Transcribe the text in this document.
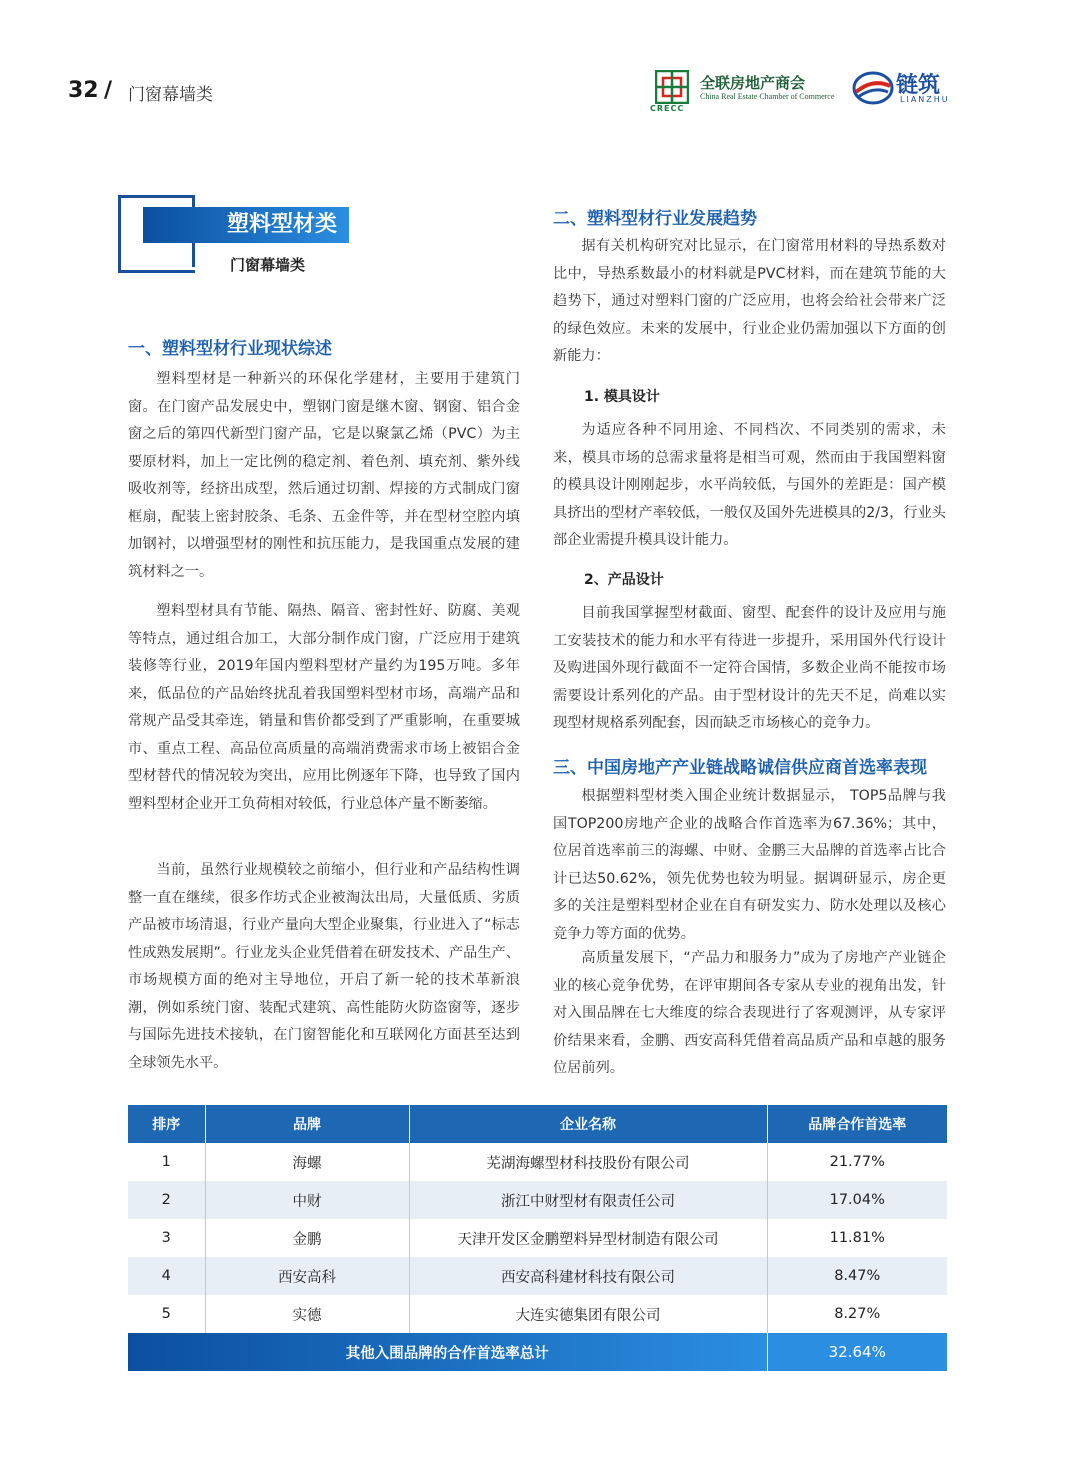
32 / 门窗幕墙类
CRECC
全联房地产商会
China Real Estate Chamber of Commerce	链筑
LIANZHU
塑料型材类
门窗幕墙类
一、塑料型材行业现状综述

塑料型材是一种新兴的环保化学建材，主要用于建筑门窗。在门窗产品发展史中，塑钢门窗是继木窗、钢窗、铝合金窗之后的第四代新型门窗产品，它是以聚氯乙烯（PVC）为主要原材料，加上一定比例的稳定剂、着色剂、填充剂、紫外线吸收剂等，经挤出成型，然后通过切割、焊接的方式制成门窗框扇，配装上密封胶条、毛条、五金件等，并在型材空腔内填加钢衬，以增强型材的刚性和抗压能力，是我国重点发展的建筑材料之一。

塑料型材具有节能、隔热、隔音、密封性好、防腐、美观等特点，通过组合加工，大部分制作成门窗，广泛应用于建筑装修等行业，2019年国内塑料型材产量约为195万吨。多年来，低品位的产品始终扰乱着我国塑料型材市场，高端产品和常规产品受其牵连，销量和售价都受到了严重影响，在重要城市、重点工程、高品位高质量的高端消费需求市场上被铝合金型材替代的情况较为突出，应用比例逐年下降，也导致了国内塑料型材企业开工负荷相对较低，行业总体产量不断萎缩。

当前，虽然行业规模较之前缩小，但行业和产品结构性调整一直在继续，很多作坊式企业被淘汰出局，大量低质、劣质产品被市场清退，行业产量向大型企业聚集，行业进入了“标志性成熟发展期”。行业龙头企业凭借着在研发技术、产品生产、市场规模方面的绝对主导地位，开启了新一轮的技术革新浪潮，例如系统门窗、装配式建筑、高性能防火防盗窗等，逐步与国际先进技术接轨，在门窗智能化和互联网化方面甚至达到全球领先水平。

二、塑料型材行业发展趋势

据有关机构研究对比显示，在门窗常用材料的导热系数对比中，导热系数最小的材料就是PVC材料，而在建筑节能的大趋势下，通过对塑料门窗的广泛应用，也将会给社会带来广泛的绿色效应。未来的发展中，行业企业仍需加强以下方面的创新能力：

1. 模具设计

为适应各种不同用途、不同档次、不同类别的需求，未来，模具市场的总需求量将是相当可观，然而由于我国塑料窗的模具设计刚刚起步，水平尚较低，与国外的差距是：国产模具挤出的型材产率较低，一般仅及国外先进模具的2/3，行业头部企业需提升模具设计能力。

2、产品设计

目前我国掌握型材截面、窗型、配套件的设计及应用与施工安装技术的能力和水平有待进一步提升，采用国外代行设计及购进国外现行截面不一定符合国情，多数企业尚不能按市场需要设计系列化的产品。由于型材设计的先天不足，尚难以实现型材规格系列配套，因而缺乏市场核心的竞争力。

三、中国房地产产业链战略诚信供应商首选率表现

根据塑料型材类入围企业统计数据显示， TOP5品牌与我国TOP200房地产企业的战略合作首选率为67.36%；其中，位居首选率前三的海螺、中财、金鹏三大品牌的首选率占比合计已达50.62%，领先优势也较为明显。据调研显示，房企更多的关注是塑料型材企业在自有研发实力、防水处理以及核心竞争力等方面的优势。

高质量发展下，“产品力和服务力”成为了房地产产业链企业的核心竞争优势，在评审期间各专家从专业的视角出发，针对入围品牌在七大维度的综合表现进行了客观测评，从专家评价结果来看，金鹏、西安高科凭借着高品质产品和卓越的服务位居前列。

排序	品牌	企业名称	品牌合作首选率
1	海螺	芜湖海螺型材科技股份有限公司	21.77%
2	中财	浙江中财型材有限责任公司	17.04%
3	金鹏	天津开发区金鹏塑料异型材制造有限公司	11.81%
4	西安高科	西安高科建材科技有限公司	8.47%
5	实德	大连实德集团有限公司	8.27%
其他入围品牌的合作首选率总计			32.64%
